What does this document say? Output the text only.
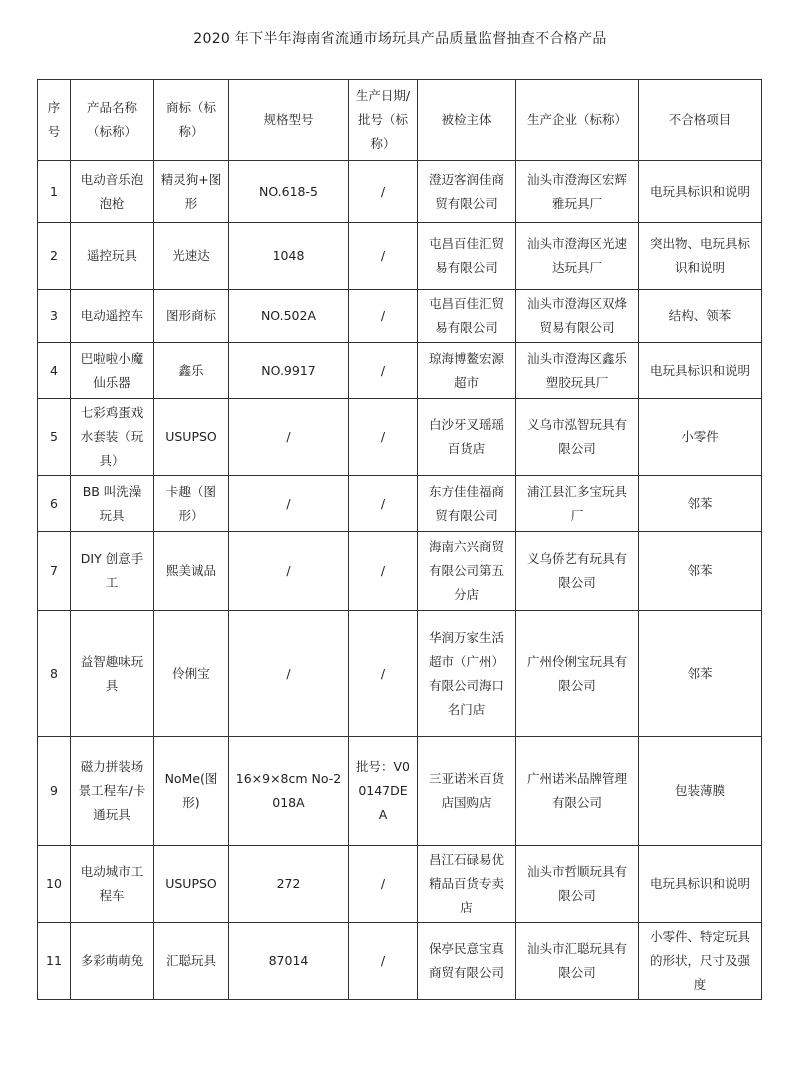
2020 年下半年海南省流通市场玩具产品质量监督抽查不合格产品
序号	产品名称（标称）	商标（标称）	规格型号	生产日期/批号（标称）	被检主体	生产企业（标称）	不合格项目
1	电动音乐泡泡枪	精灵狗+图形	NO.618-5	/	澄迈客润佳商贸有限公司	汕头市澄海区宏辉雅玩具厂	电玩具标识和说明
2	遥控玩具	光速达	1048	/	屯昌百佳汇贸易有限公司	汕头市澄海区光速达玩具厂	突出物、电玩具标识和说明
3	电动遥控车	图形商标	NO.502A	/	屯昌百佳汇贸易有限公司	汕头市澄海区双烽贸易有限公司	结构、领苯
4	巴啦啦小魔仙乐器	鑫乐	NO.9917	/	琼海博鳌宏源超市	汕头市澄海区鑫乐塑胶玩具厂	电玩具标识和说明
5	七彩鸡蛋戏水套装（玩具）	USUPSO	/	/	白沙牙叉瑶瑶百货店	义乌市泓智玩具有限公司	小零件
6	BB 叫洗澡玩具	卡趣（图形）	/	/	东方佳佳福商贸有限公司	浦江县汇多宝玩具厂	邻苯
7	DIY 创意手工	熙美诚品	/	/	海南六兴商贸有限公司第五分店	义乌侨艺有玩具有限公司	邻苯
8	益智趣味玩具	伶俐宝	/	/	华润万家生活超市（广州）有限公司海口名门店	广州伶俐宝玩具有限公司	邻苯
9	磁力拼装场景工程车/卡通玩具	NoMe(图形)	16×9×8cm No-2018A	批号：V00147DEA	三亚诺米百货店国购店	广州诺米品牌管理有限公司	包装薄膜
10	电动城市工程车	USUPSO	272	/	昌江石碌易优精品百货专卖店	汕头市哲顺玩具有限公司	电玩具标识和说明
11	多彩萌萌兔	汇聪玩具	87014	/	保亭民意宝真商贸有限公司	汕头市汇聪玩具有限公司	小零件、特定玩具的形状，尺寸及强度
